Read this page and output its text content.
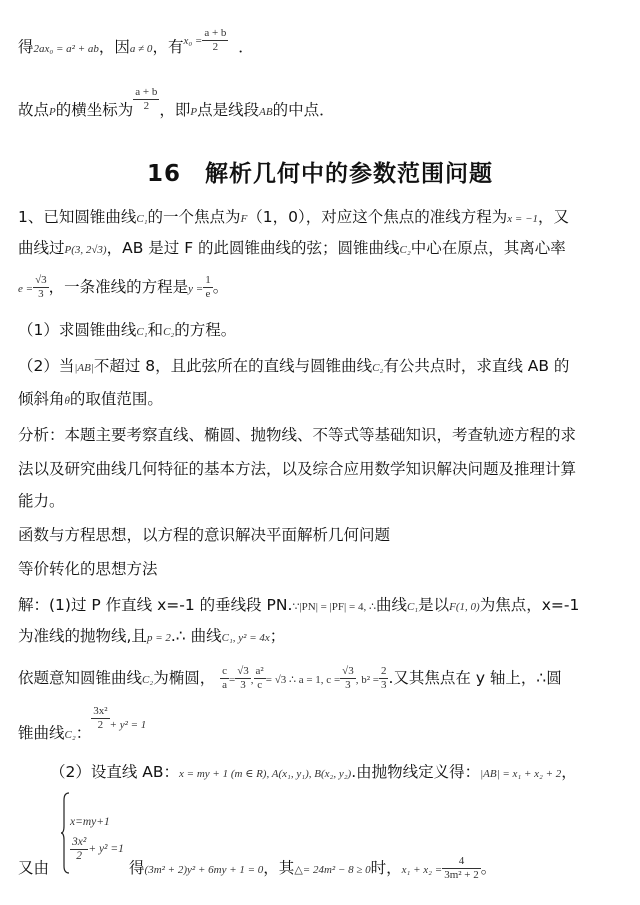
得2ax₀ = a² + ab，因a ≠ 0，有$^{x_0 =} \frac{a + b}{2}$ ．
故点P的横坐标为 $\frac{a + b}{2}$ ，即P点是线段AB的中点．
16　解析几何中的参数范围问题
1、已知圆锥曲线C₁的一个焦点为F（1，0），对应这个焦点的准线方程为x = −1，又
曲线过P(3, 2√3)，AB 是过 F 的此圆锥曲线的弦；圆锥曲线C₂中心在原点，其离心率
$e = \frac{√3}{3}$ ，一条准线的方程是$y = \frac{1}{e}$ 。
（1）求圆锥曲线C₁和C₂的方程。
（2）当|AB|不超过 8，且此弦所在的直线与圆锥曲线C₂有公共点时，求直线 AB 的
倾斜角θ的取值范围。
分析：本题主要考察直线、椭圆、抛物线、不等式等基础知识，考查轨迹方程的求
法以及研究曲线几何特征的基本方法，以及综合应用数学知识解决问题及推理计算
能力。
函数与方程思想，以方程的意识解决平面解析几何问题
等价转化的思想方法
解：(1)过 P 作直线 x=-1 的垂线段 PN.∵|PN| = |PF| = 4, ∴曲线C₁是以F(1, 0)为焦点，x=-1
为准线的抛物线,且p = 2.∴ 曲线C₁, y² = 4x；
依题意知圆锥曲线C₂为椭圆， $\frac{c}{a} = \frac{√3}{3}$ , $\frac{\text{a²}}{c} = √3$ ∴ a = 1, $c = \frac{√3}{3}$ , $b^2 = \frac{2}{3}$ .又其焦点在 y 轴上，∴圆
锥曲线C₂：
$\frac{\text{3x²}}{2} ^{+ y^2 = 1}$
（2）设直线 AB：x = my + 1 (m ∈ R), A(x₁, y₁), B(x₂, y₂).由抛物线定义得：|AB| = x₁ + x₂ + 2，
x=my+1
$\frac{\text{3x²}}{2} + y^2 =1$
又由	得(3m² + 2)y² + 6my + 1 = 0，其△= 24m² − 8 ≥ 0时，$x_1 + x_2 = \frac{4}{\text{3m² + 2}}$ 。
